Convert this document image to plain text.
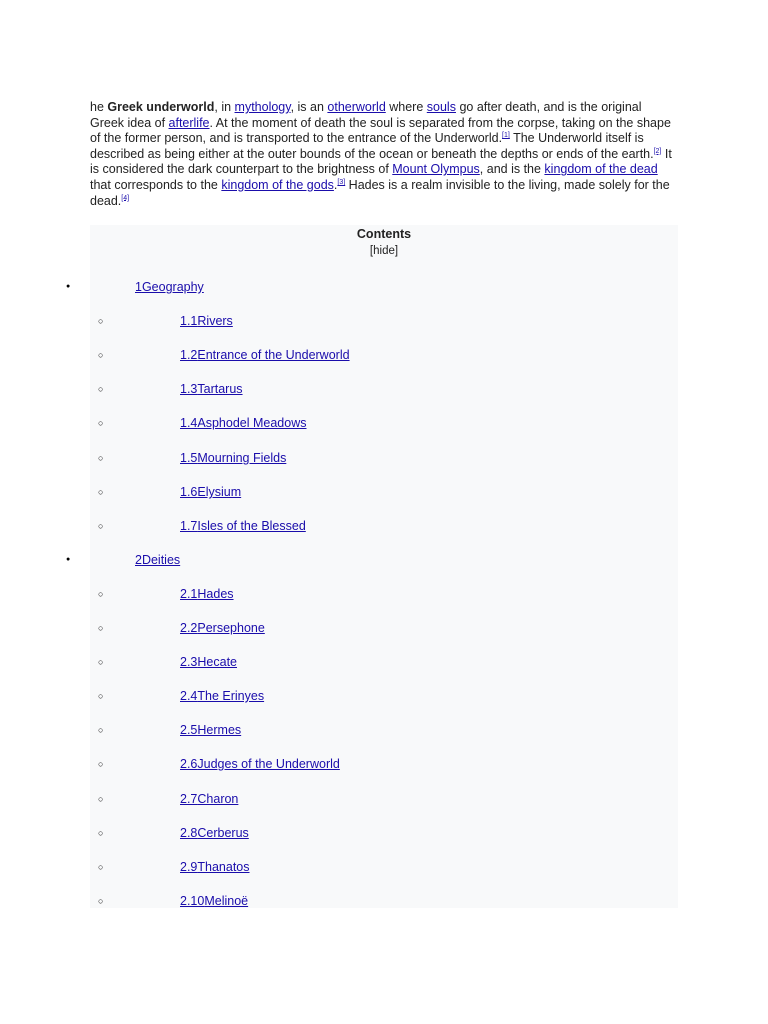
he Greek underworld, in mythology, is an otherworld where souls go after death, and is the original Greek idea of afterlife. At the moment of death the soul is separated from the corpse, taking on the shape of the former person, and is transported to the entrance of the Underworld.[1] The Underworld itself is described as being either at the outer bounds of the ocean or beneath the depths or ends of the earth.[2] It is considered the dark counterpart to the brightness of Mount Olympus, and is the kingdom of the dead that corresponds to the kingdom of the gods.[3] Hades is a realm invisible to the living, made solely for the dead.[4]

Contents
[hide]
●	1Geography
○	1.1Rivers
○	1.2Entrance of the Underworld
○	1.3Tartarus
○	1.4Asphodel Meadows
○	1.5Mourning Fields
○	1.6Elysium
○	1.7Isles of the Blessed
●	2Deities
○	2.1Hades
○	2.2Persephone
○	2.3Hecate
○	2.4The Erinyes
○	2.5Hermes
○	2.6Judges of the Underworld
○	2.7Charon
○	2.8Cerberus
○	2.9Thanatos
○	2.10Melinoë
